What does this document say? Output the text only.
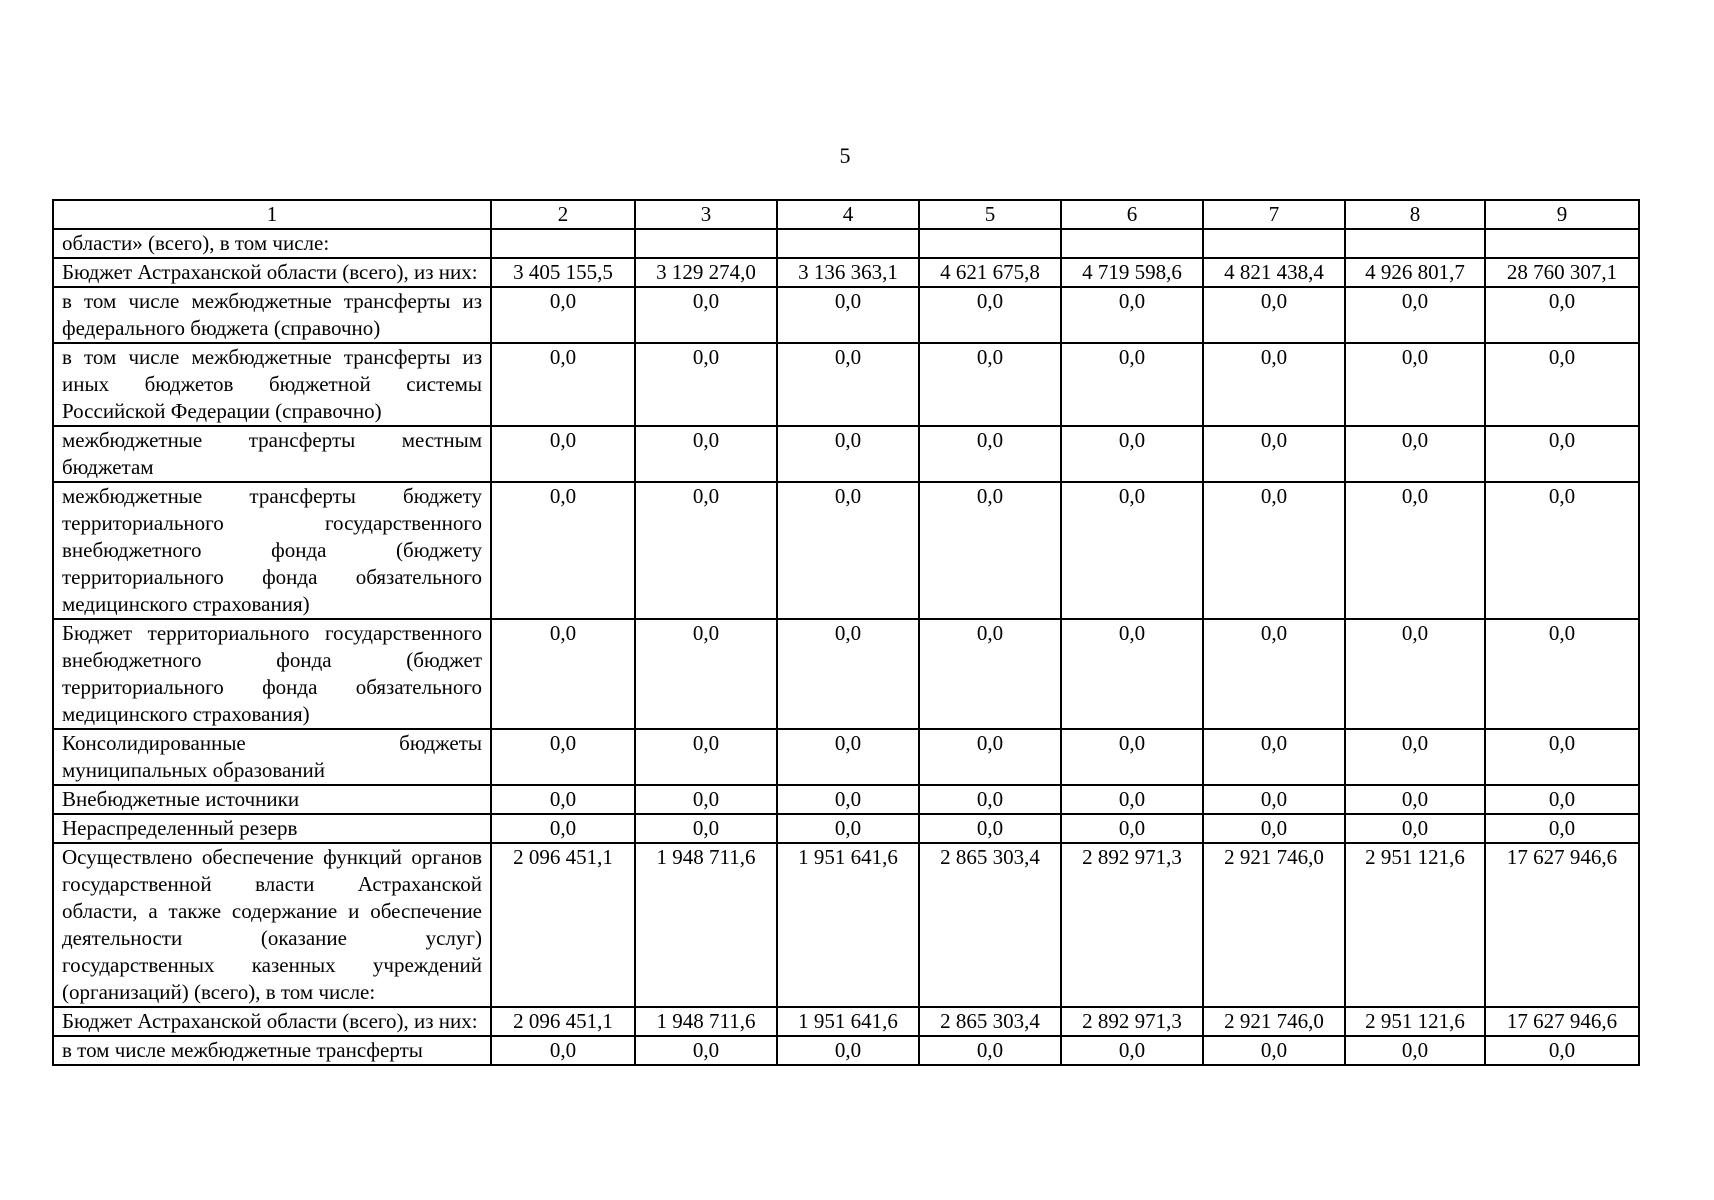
5
1	2	3	4	5	6	7	8	9
области» (всего), в том числе:								
Бюджет Астраханской области (всего), из них:	3 405 155,5	3 129 274,0	3 136 363,1	4 621 675,8	4 719 598,6	4 821 438,4	4 926 801,7	28 760 307,1
в том числе межбюджетные трансферты из федерального бюджета (справочно)	0,0	0,0	0,0	0,0	0,0	0,0	0,0	0,0
в том числе межбюджетные трансферты из иных бюджетов бюджетной системы Российской Федерации (справочно)	0,0	0,0	0,0	0,0	0,0	0,0	0,0	0,0
межбюджетные трансферты местным бюджетам	0,0	0,0	0,0	0,0	0,0	0,0	0,0	0,0
межбюджетные трансферты бюджету территориального государственного внебюджетного фонда (бюджету территориального фонда обязательного медицинского страхования)	0,0	0,0	0,0	0,0	0,0	0,0	0,0	0,0
Бюджет территориального государственного внебюджетного фонда (бюджет территориального фонда обязательного медицинского страхования)	0,0	0,0	0,0	0,0	0,0	0,0	0,0	0,0
Консолидированные бюджеты муниципальных образований	0,0	0,0	0,0	0,0	0,0	0,0	0,0	0,0
Внебюджетные источники	0,0	0,0	0,0	0,0	0,0	0,0	0,0	0,0
Нераспределенный резерв	0,0	0,0	0,0	0,0	0,0	0,0	0,0	0,0
Осуществлено обеспечение функций органов государственной власти Астраханской области, а также содержание и обеспечение деятельности (оказание услуг) государственных казенных учреждений (организаций) (всего), в том числе:	2 096 451,1	1 948 711,6	1 951 641,6	2 865 303,4	2 892 971,3	2 921 746,0	2 951 121,6	17 627 946,6
Бюджет Астраханской области (всего), из них:	2 096 451,1	1 948 711,6	1 951 641,6	2 865 303,4	2 892 971,3	2 921 746,0	2 951 121,6	17 627 946,6
в том числе межбюджетные трансферты	0,0	0,0	0,0	0,0	0,0	0,0	0,0	0,0
